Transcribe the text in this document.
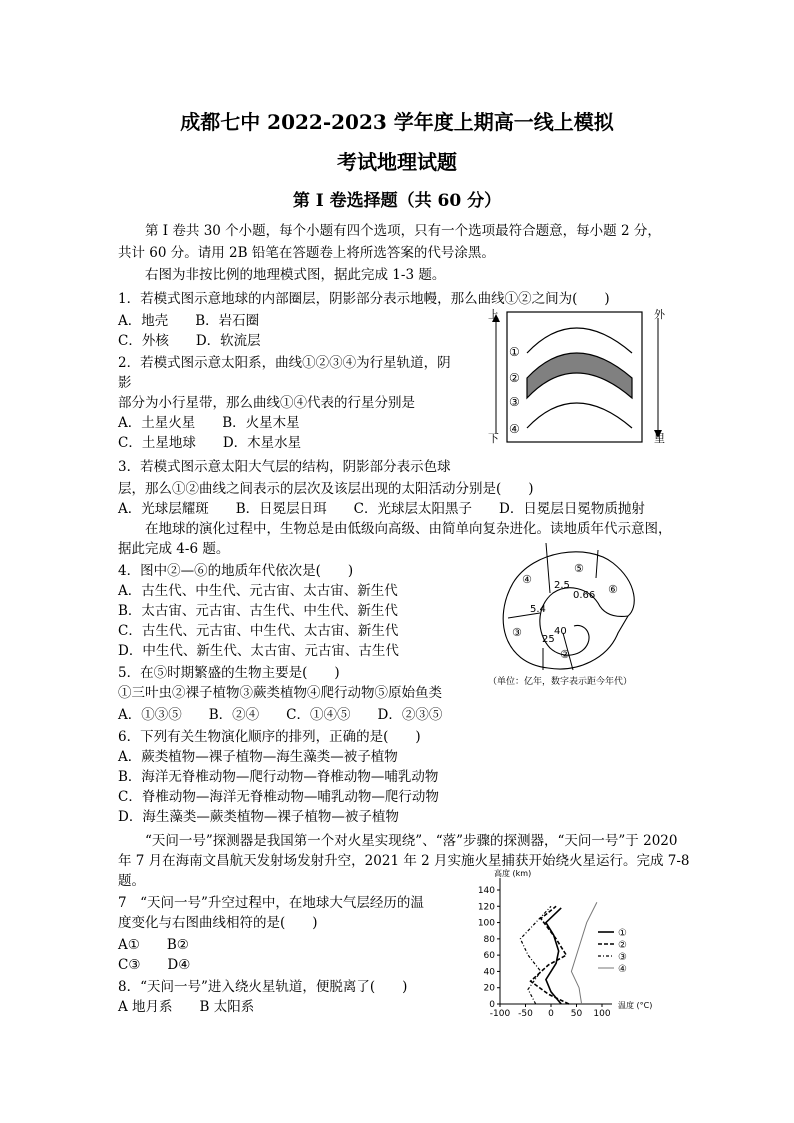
成都七中 2022-2023 学年度上期高一线上模拟
考试地理试题
第 I 卷选择题（共 60 分）
　　第 I 卷共 30 个小题，每个小题有四个选项，只有一个选项最符合题意，每小题 2 分，
共计 60 分。请用 2B 铅笔在答题卷上将所选答案的代号涂黑。
　　右图为非按比例的地理模式图，据此完成 1-3 题。
1．若模式图示意地球的内部圈层，阴影部分表示地幔，那么曲线①②之间为(　　)
A．地壳　　B．岩石圈
C．外核　　D．软流层
2．若模式图示意太阳系，曲线①②③④为行星轨道，阴
影
部分为小行星带，那么曲线①④代表的行星分别是
A．土星火星　　B．火星木星
C．土星地球　　D．木星水星
3．若模式图示意太阳大气层的结构，阴影部分表示色球
层，那么①②曲线之间表示的层次及该层出现的太阳活动分别是(　　)
A．光球层耀斑　　B．日冕层日珥　　C．光球层太阳黑子　　D．日冕层日冕物质抛射
　　在地球的演化过程中，生物总是由低级向高级、由简单向复杂进化。读地质年代示意图，
据此完成 4-6 题。
4．图中②—⑥的地质年代依次是(　　)
A．古生代、中生代、元古宙、太古宙、新生代
B．太古宙、元古宙、古生代、中生代、新生代
C．古生代、元古宙、中生代、太古宙、新生代
D．中生代、新生代、太古宙、元古宙、古生代
5．在⑤时期繁盛的生物主要是(　　)
①三叶虫②裸子植物③蕨类植物④爬行动物⑤原始鱼类
A．①③⑤　　B．②④　　C．①④⑤　　D．②③⑤
6．下列有关生物演化顺序的排列，正确的是(　　)
A．蕨类植物—裸子植物—海生藻类—被子植物
B．海洋无脊椎动物—爬行动物—脊椎动物—哺乳动物
C．脊椎动物—海洋无脊椎动物—哺乳动物—爬行动物
D．海生藻类—蕨类植物—裸子植物—被子植物
　　“天问一号”探测器是我国第一个对火星实现绕”、“落”步骤的探测器，“天问一号”于 2020
年 7 月在海南文昌航天发射场发射升空，2021 年 2 月实施火星捕获开始绕火星运行。完成 7-8
题。
7　“天问一号”升空过程中，在地球大气层经历的温
度变化与右图曲线相符的是(　　)
A①　　B②
C③　　D④
8．“天问一号”进入绕火星轨道，便脱离了(　　)
A 地月系　　B 太阳系
上
下
外
里
①
②
③
④
④
⑤
⑥
③
②
2.5
0.66
5.4
40
25
（单位：亿年，数字表示距今年代）
高度 (km)
温度 (°C)
0
20
40
60
80
100
120
140
-100 -50 0 50 100
①
②
③
④
